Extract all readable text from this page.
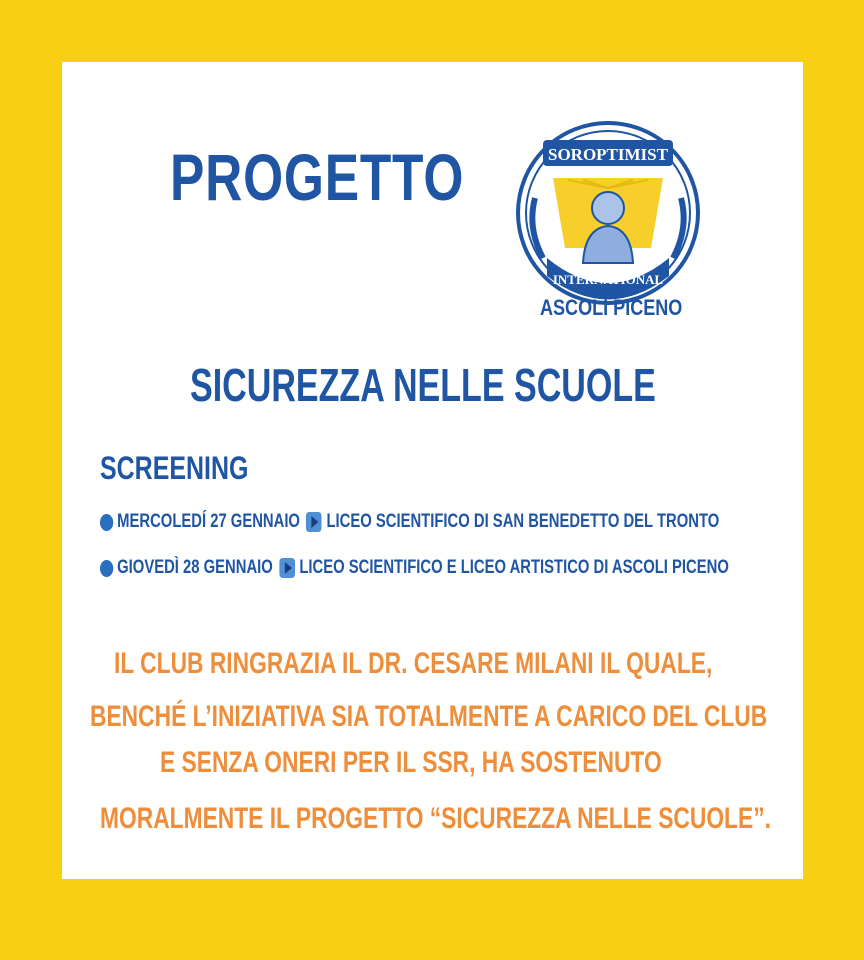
PROGETTO	SOROPTIMIST
INTERNATIONAL
ASCOLI PICENO
SICUREZZA NELLE SCUOLE
SCREENING
MERCOLEDÍ 27 GENNAIO LICEO SCIENTIFICO DI SAN BENEDETTO DEL TRONTO
GIOVEDÌ 28 GENNAIO LICEO SCIENTIFICO E LICEO ARTISTICO DI ASCOLI PICENO
IL CLUB RINGRAZIA IL DR. CESARE MILANI IL QUALE,
BENCHÉ L’INIZIATIVA SIA TOTALMENTE A CARICO DEL CLUB
E SENZA ONERI PER IL SSR, HA SOSTENUTO
MORALMENTE IL PROGETTO “SICUREZZA NELLE SCUOLE”.
